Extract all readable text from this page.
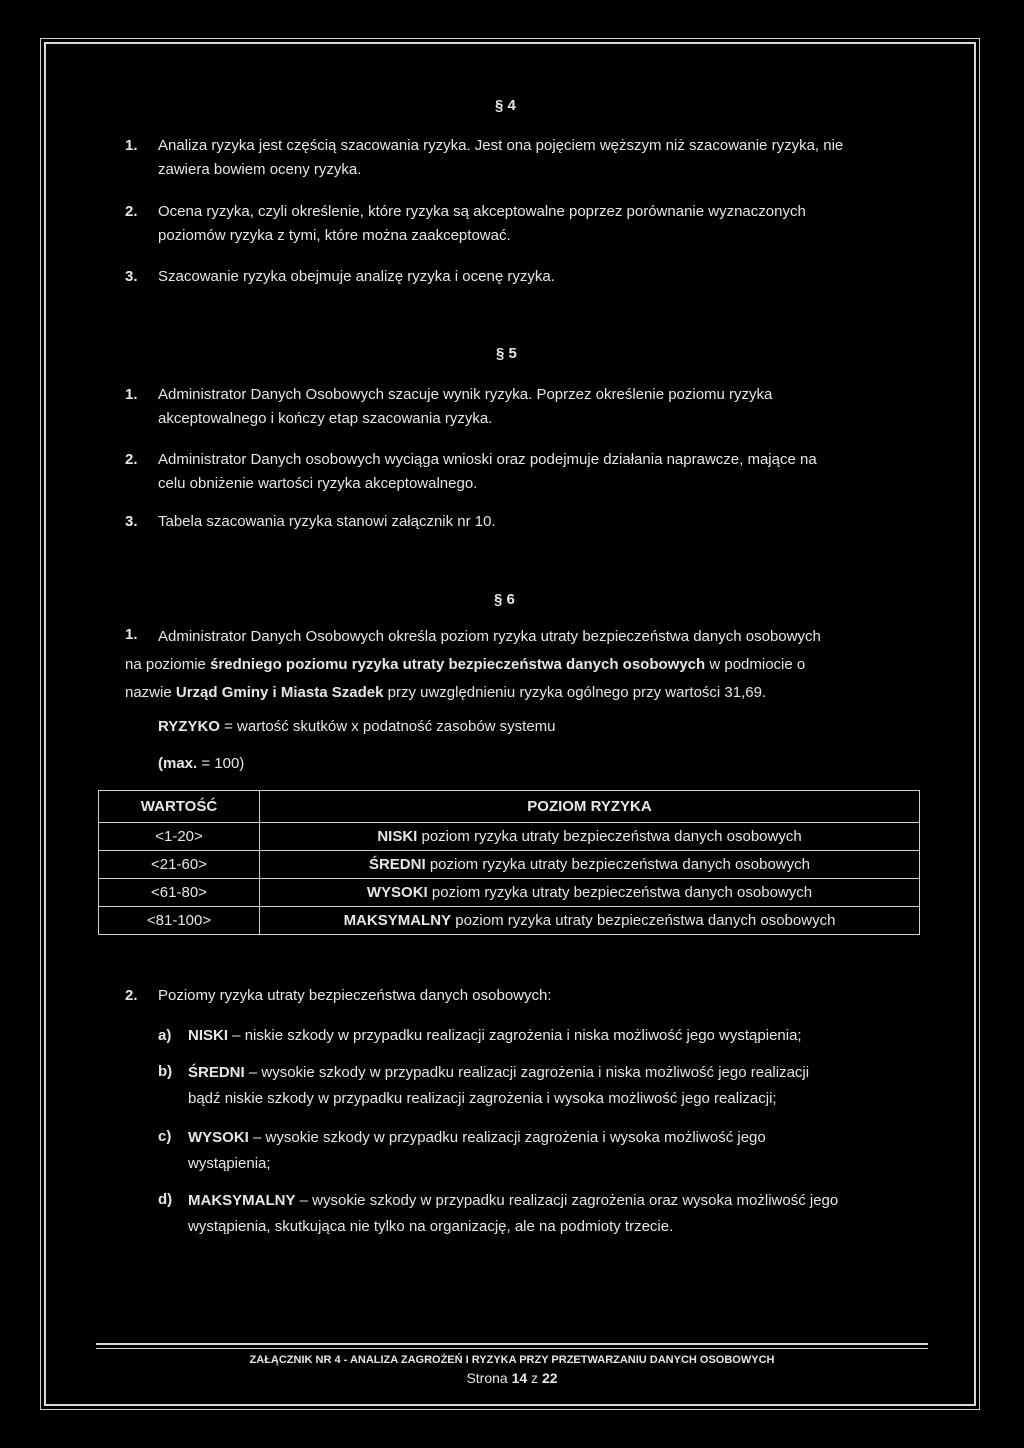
§ 4
1. Analiza ryzyka jest częścią szacowania ryzyka. Jest ona pojęciem węższym niż szacowanie ryzyka, nie
zawiera bowiem oceny ryzyka.
2. Ocena ryzyka, czyli określenie, które ryzyka są akceptowalne poprzez porównanie wyznaczonych
poziomów ryzyka z tymi, które można zaakceptować.
3. Szacowanie ryzyka obejmuje analizę ryzyka i ocenę ryzyka.
§ 5
1. Administrator Danych Osobowych szacuje wynik ryzyka. Poprzez określenie poziomu ryzyka
akceptowalnego i kończy etap szacowania ryzyka.
2. Administrator Danych osobowych wyciąga wnioski oraz podejmuje działania naprawcze, mające na
celu obniżenie wartości ryzyka akceptowalnego.
3. Tabela szacowania ryzyka stanowi załącznik nr 10.
§ 6
1. Administrator Danych Osobowych określa poziom ryzyka utraty bezpieczeństwa danych osobowych
na poziomie średniego poziomu ryzyka utraty bezpieczeństwa danych osobowych w podmiocie o
nazwie Urząd Gminy i Miasta Szadek przy uwzględnieniu ryzyka ogólnego przy wartości 31,69.
RYZYKO = wartość skutków x podatność zasobów systemu
(max. = 100)
WARTOŚĆ	POZIOM RYZYKA
<1-20>	NISKI poziom ryzyka utraty bezpieczeństwa danych osobowych
<21-60>	ŚREDNI poziom ryzyka utraty bezpieczeństwa danych osobowych
<61-80>	WYSOKI poziom ryzyka utraty bezpieczeństwa danych osobowych
<81-100>	MAKSYMALNY poziom ryzyka utraty bezpieczeństwa danych osobowych
2. Poziomy ryzyka utraty bezpieczeństwa danych osobowych:
a) NISKI – niskie szkody w przypadku realizacji zagrożenia i niska możliwość jego wystąpienia;
b) ŚREDNI – wysokie szkody w przypadku realizacji zagrożenia i niska możliwość jego realizacji
bądź niskie szkody w przypadku realizacji zagrożenia i wysoka możliwość jego realizacji;
c) WYSOKI – wysokie szkody w przypadku realizacji zagrożenia i wysoka możliwość jego
wystąpienia;
d) MAKSYMALNY – wysokie szkody w przypadku realizacji zagrożenia oraz wysoka możliwość jego
wystąpienia, skutkująca nie tylko na organizację, ale na podmioty trzecie.
ZAŁĄCZNIK NR 4 - ANALIZA ZAGROŻEŃ I RYZYKA PRZY PRZETWARZANIU DANYCH OSOBOWYCH
Strona 14 z 22
